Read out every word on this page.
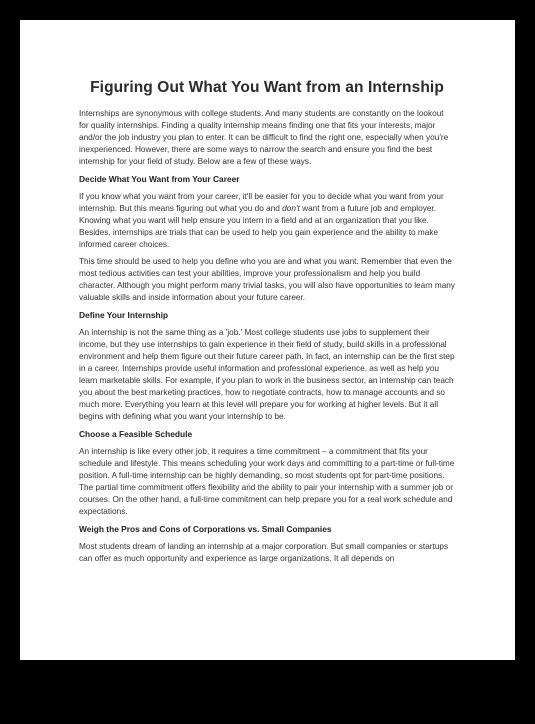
Figuring Out What You Want from an Internship

Internships are synonymous with college students. And many students are constantly on the lookout for quality internships. Finding a quality internship means finding one that fits your interests, major and/or the job industry you plan to enter. It can be difficult to find the right one, especially when you're inexperienced. However, there are some ways to narrow the search and ensure you find the best internship for your field of study. Below are a few of these ways.

Decide What You Want from Your Career

If you know what you want from your career, it'll be easier for you to decide what you want from your internship. But this means figuring out what you do and don't want from a future job and employer. Knowing what you want will help ensure you intern in a field and at an organization that you like. Besides, internships are trials that can be used to help you gain experience and the ability to make informed career choices.

This time should be used to help you define who you are and what you want. Remember that even the most tedious activities can test your abilities, improve your professionalism and help you build character. Although you might perform many trivial tasks, you will also have opportunities to learn many valuable skills and inside information about your future career.

Define Your Internship

An internship is not the same thing as a 'job.' Most college students use jobs to supplement their income, but they use internships to gain experience in their field of study, build skills in a professional environment and help them figure out their future career path. In fact, an internship can be the first step in a career. Internships provide useful information and professional experience, as well as help you learn marketable skills. For example, if you plan to work in the business sector, an internship can teach you about the best marketing practices, how to negotiate contracts, how to manage accounts and so much more. Everything you learn at this level will prepare you for working at higher levels. But it all begins with defining what you want your internship to be.

Choose a Feasible Schedule

An internship is like every other job, it requires a time commitment – a commitment that fits your schedule and lifestyle. This means scheduling your work days and committing to a part-time or full-time position. A full-time internship can be highly demanding, so most students opt for part-time positions. The partial time commitment offers flexibility and the ability to pair your internship with a summer job or courses. On the other hand, a full-time commitment can help prepare you for a real work schedule and expectations.

Weigh the Pros and Cons of Corporations vs. Small Companies

Most students dream of landing an internship at a major corporation. But small companies or startups can offer as much opportunity and experience as large organizations. It all depends on
